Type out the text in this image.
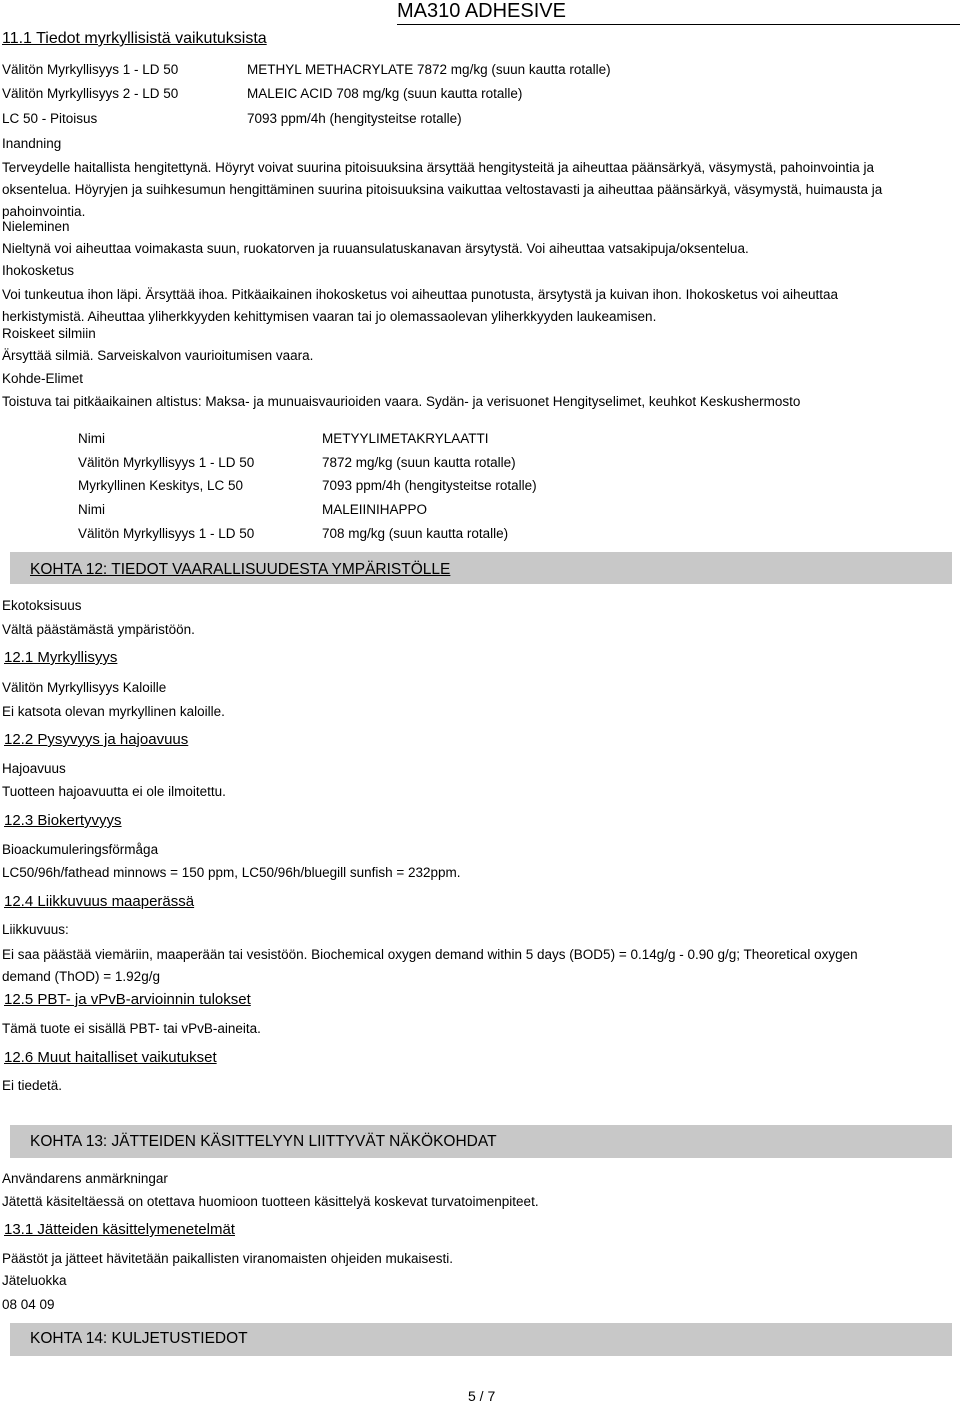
11.1 Tiedot myrkyllisistä vaikutuksista
MA310 ADHESIVE
Välitön Myrkyllisyys 1 - LD 50	METHYL METHACRYLATE 7872 mg/kg (suun kautta rotalle)
Välitön Myrkyllisyys 2 - LD 50	MALEIC ACID 708 mg/kg (suun kautta rotalle)
LC 50 - Pitoisus	7093 ppm/4h (hengitysteitse rotalle)
Inandning
Terveydelle haitallista hengitettynä. Höyryt voivat suurina pitoisuuksina ärsyttää hengitysteitä ja aiheuttaa päänsärkyä, väsymystä, pahoinvointia ja oksentelua. Höyryjen ja suihkesumun hengittäminen suurina pitoisuuksina vaikuttaa veltostavasti ja aiheuttaa päänsärkyä, väsymystä, huimausta ja pahoinvointia.
Nieleminen
Nieltynä voi aiheuttaa voimakasta suun, ruokatorven ja ruuansulatuskanavan ärsytystä. Voi aiheuttaa vatsakipuja/oksentelua.
Ihokosketus
Voi tunkeutua ihon läpi. Ärsyttää ihoa. Pitkäaikainen ihokosketus voi aiheuttaa punotusta, ärsytystä ja kuivan ihon. Ihokosketus voi aiheuttaa herkistymistä. Aiheuttaa yliherkkyyden kehittymisen vaaran tai jo olemassaolevan yliherkkyyden laukeamisen.
Roiskeet silmiin
Ärsyttää silmiä. Sarveiskalvon vaurioitumisen vaara.
Kohde-Elimet
Toistuva tai pitkäaikainen altistus: Maksa- ja munuaisvaurioiden vaara. Sydän- ja verisuonet Hengityselimet, keuhkot Keskushermosto
Nimi	METYYLIMETAKRYLAATTI
Välitön Myrkyllisyys 1 - LD 50	7872 mg/kg (suun kautta rotalle)
Myrkyllinen Keskitys, LC 50	7093 ppm/4h (hengitysteitse rotalle)
Nimi	MALEIINIHAPPO
Välitön Myrkyllisyys 1 - LD 50	708 mg/kg (suun kautta rotalle)
KOHTA 12: TIEDOT VAARALLISUUDESTA YMPÄRISTÖLLE
Ekotoksisuus
Vältä päästämästä ympäristöön.
12.1 Myrkyllisyys
Välitön Myrkyllisyys Kaloille
Ei katsota olevan myrkyllinen kaloille.
12.2 Pysyvyys ja hajoavuus
Hajoavuus
Tuotteen hajoavuutta ei ole ilmoitettu.
12.3 Biokertyvyys
Bioackumuleringsförmåga
LC50/96h/fathead minnows = 150 ppm, LC50/96h/bluegill sunfish = 232ppm.
12.4 Liikkuvuus maaperässä
Liikkuvuus:
Ei saa päästää viemäriin, maaperään tai vesistöön. Biochemical oxygen demand within 5 days (BOD5) = 0.14g/g - 0.90 g/g; Theoretical oxygen demand (ThOD) = 1.92g/g
12.5 PBT- ja vPvB-arvioinnin tulokset
Tämä tuote ei sisällä PBT- tai vPvB-aineita.
12.6 Muut haitalliset vaikutukset
Ei tiedetä.
KOHTA 13: JÄTTEIDEN KÄSITTELYYN LIITTYVÄT NÄKÖKOHDAT
Användarens anmärkningar
Jätettä käsiteltäessä on otettava huomioon tuotteen käsittelyä koskevat turvatoimenpiteet.
13.1 Jätteiden käsittelymenetelmät
Päästöt ja jätteet hävitetään paikallisten viranomaisten ohjeiden mukaisesti.
Jäteluokka
08 04 09
KOHTA 14: KULJETUSTIEDOT
5 / 7
